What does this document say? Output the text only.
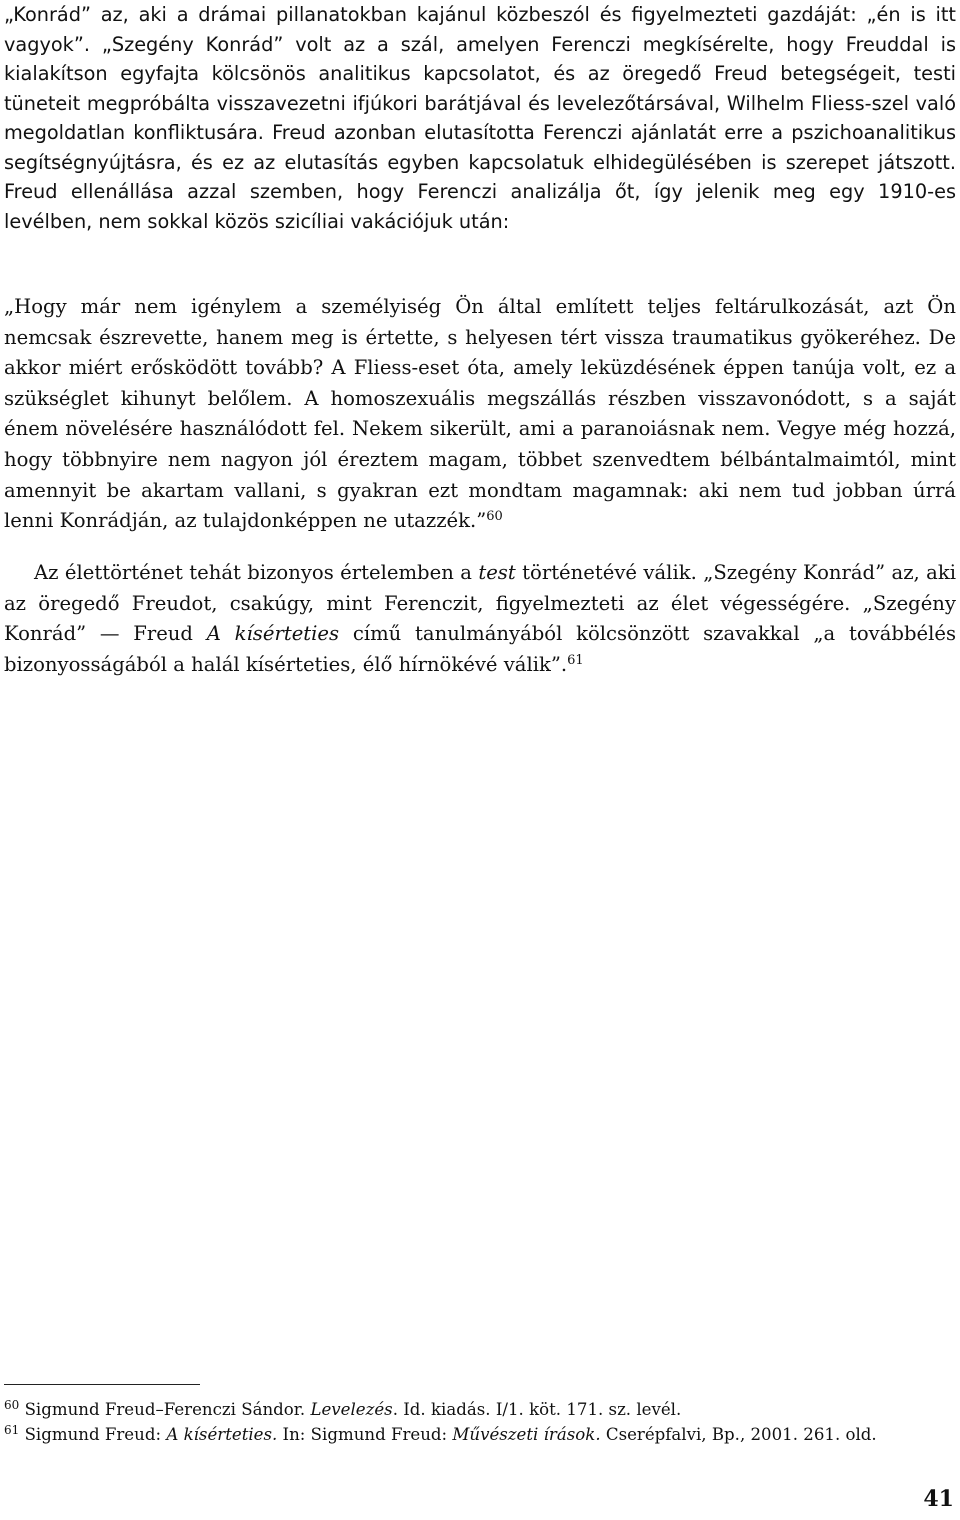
„Konrád” az, aki a drámai pillanatokban kajánul közbeszól és figyelmezteti gazdáját: „én is itt vagyok”. „Szegény Konrád” volt az a szál, amelyen Ferenczi megkísérelte, hogy Freuddal is kialakítson egyfajta kölcsönös analitikus kapcsolatot, és az öregedő Freud betegségeit, testi tüneteit megpróbálta visszavezetni ifjúkori barátjával és levelezőtársával, Wilhelm Fliess-szel való megoldatlan konfliktusára. Freud azonban elutasította Ferenczi ajánlatát erre a pszichoanalitikus segítségnyújtásra, és ez az elutasítás egyben kapcsolatuk elhidegülésében is szerepet játszott. Freud ellenállása azzal szemben, hogy Ferenczi analizálja őt, így jelenik meg egy 1910-es levélben, nem sokkal közös szicíliai vakációjuk után:

„Hogy már nem igénylem a személyiség Ön által említett teljes feltárulkozását, azt Ön nemcsak észrevette, hanem meg is értette, s helyesen tért vissza traumatikus gyökeréhez. De akkor miért erősködött tovább? A Fliess-eset óta, amely leküzdésének éppen tanúja volt, ez a szükséglet kihunyt belőlem. A homoszexuális megszállás részben visszavonódott, s a saját énem növelésére használódott fel. Nekem sikerült, ami a paranoiásnak nem. Vegye még hozzá, hogy többnyire nem nagyon jól éreztem magam, többet szenvedtem bélbántalmaimtól, mint amennyit be akartam vallani, s gyakran ezt mondtam magamnak: aki nem tud jobban úrrá lenni Konrádján, az tulajdonképpen ne utazzék.”$^{60}$

Az élettörténet tehát bizonyos értelemben a test történetévé válik. „Szegény Konrád” az, aki az öregedő Freudot, csakúgy, mint Ferenczit, figyelmezteti az élet végességére. „Szegény Konrád” — Freud A kísérteties című tanulmányából kölcsönzött szavakkal „a továbbélés bizonyosságából a halál kísérteties, élő hírnökévé válik”.$^{61}$

$^{60}$ Sigmund Freud–Ferenczi Sándor. Levelezés. Id. kiadás. I/1. köt. 171. sz. levél.

$^{61}$ Sigmund Freud: A kísérteties. In: Sigmund Freud: Művészeti írások. Cserépfalvi, Bp., 2001. 261. old.

41
